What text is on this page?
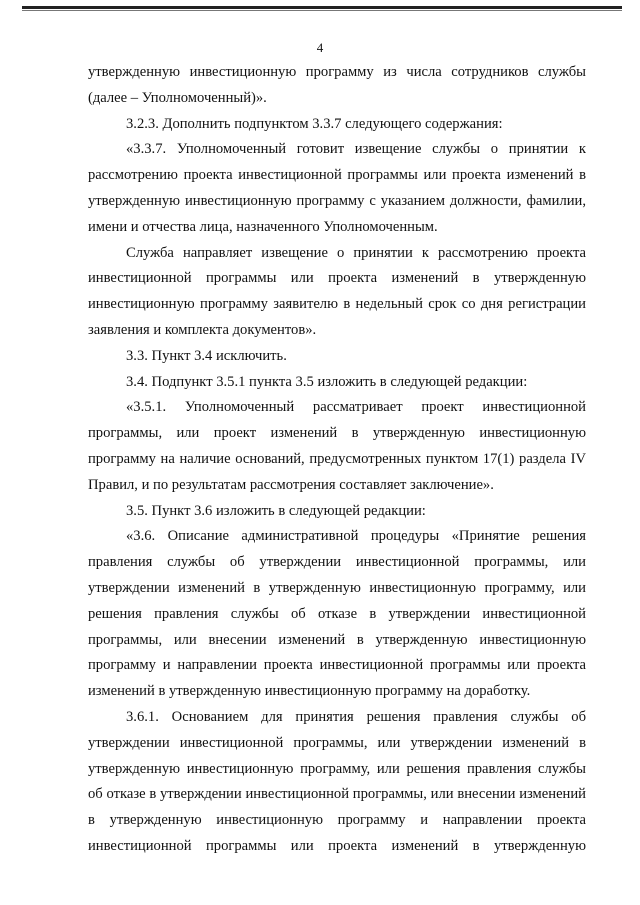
4

утвержденную инвестиционную программу из числа сотрудников службы (далее – Уполномоченный)».

3.2.3. Дополнить подпунктом 3.3.7 следующего содержания:

«3.3.7. Уполномоченный готовит извещение службы о принятии к рассмотрению проекта инвестиционной программы или проекта изменений в утвержденную инвестиционную программу с указанием должности, фамилии, имени и отчества лица, назначенного Уполномоченным.

Служба направляет извещение о принятии к рассмотрению проекта инвестиционной программы или проекта изменений в утвержденную инвестиционную программу заявителю в недельный срок со дня регистрации заявления и комплекта документов».

3.3. Пункт 3.4 исключить.

3.4. Подпункт 3.5.1 пункта 3.5 изложить в следующей редакции:

«3.5.1. Уполномоченный рассматривает проект инвестиционной программы, или проект изменений в утвержденную инвестиционную программу на наличие оснований, предусмотренных пунктом 17(1) раздела IV Правил, и по результатам рассмотрения составляет заключение».

3.5. Пункт 3.6 изложить в следующей редакции:

«3.6. Описание административной процедуры «Принятие решения правления службы об утверждении инвестиционной программы, или утверждении изменений в утвержденную инвестиционную программу, или решения правления службы об отказе в утверждении инвестиционной программы, или внесении изменений в утвержденную инвестиционную программу и направлении проекта инвестиционной программы или проекта изменений в утвержденную инвестиционную программу на доработку.

3.6.1. Основанием для принятия решения правления службы об утверждении инвестиционной программы, или утверждении изменений в утвержденную инвестиционную программу, или решения правления службы об отказе в утверждении инвестиционной программы, или внесении изменений в утвержденную инвестиционную программу и направлении проекта инвестиционной программы или проекта изменений в утвержденную
